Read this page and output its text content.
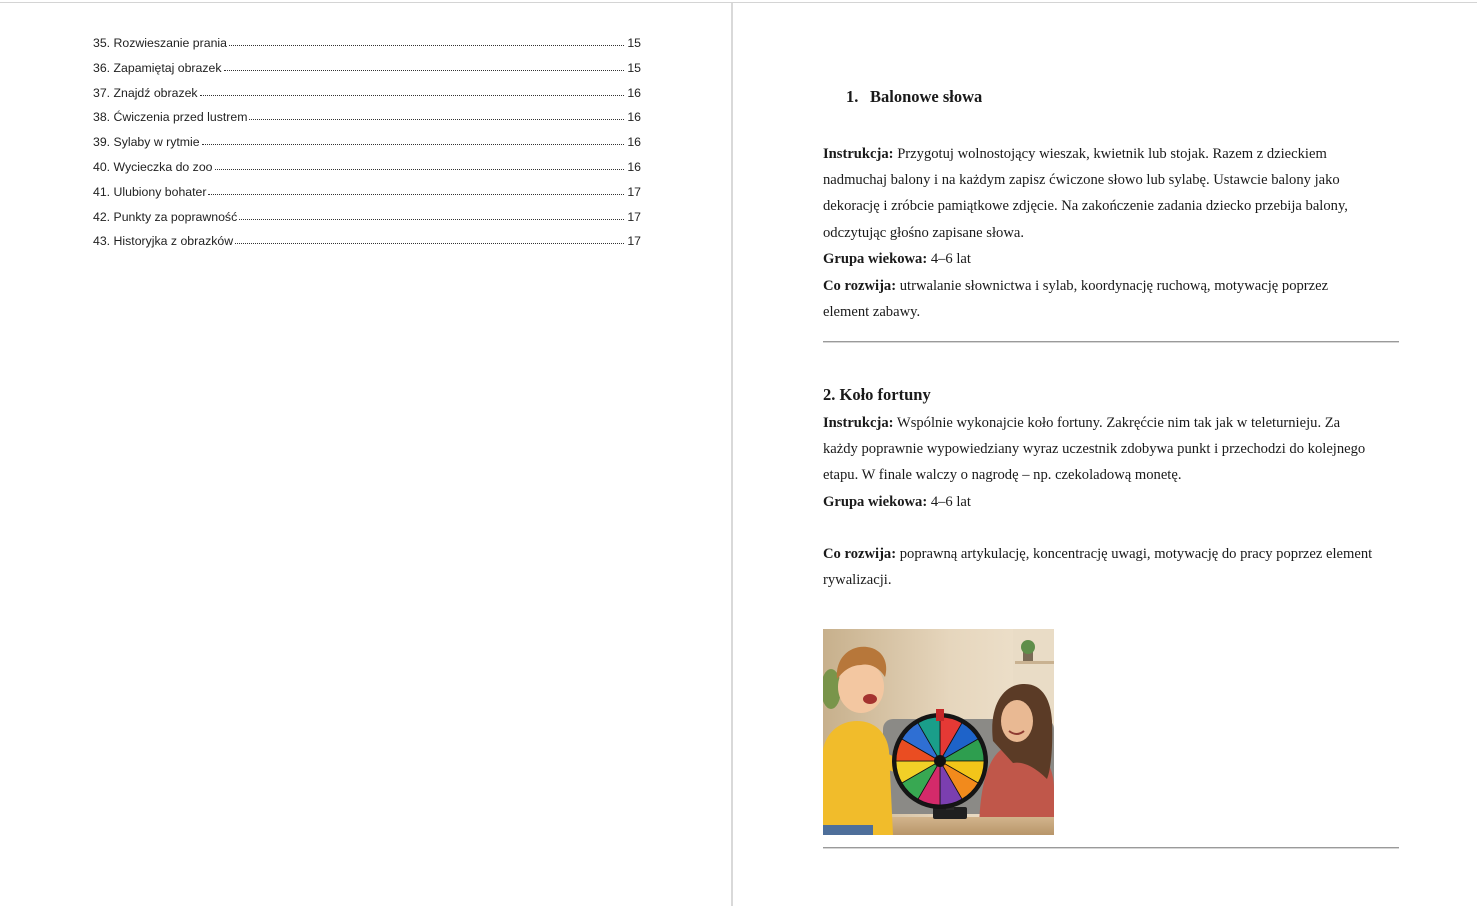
35. Rozwieszanie prania	15
36. Zapamiętaj obrazek	15
37. Znajdź obrazek	16
38. Ćwiczenia przed lustrem	16
39. Sylaby w rytmie	16
40. Wycieczka do zoo	16
41. Ulubiony bohater	17
42. Punkty za poprawność	17
43. Historyjka z obrazków	17
1. Balonowe słowa
Instrukcja: Przygotuj wolnostojący wieszak, kwietnik lub stojak. Razem z dzieckiem
nadmuchaj balony i na każdym zapisz ćwiczone słowo lub sylabę. Ustawcie balony jako
dekorację i zróbcie pamiątkowe zdjęcie. Na zakończenie zadania dziecko przebija balony,
odczytując głośno zapisane słowa.
Grupa wiekowa: 4–6 lat
Co rozwija: utrwalanie słownictwa i sylab, koordynację ruchową, motywację poprzez
element zabawy.
2. Koło fortuny
Instrukcja: Wspólnie wykonajcie koło fortuny. Zakręćcie nim tak jak w teleturnieju. Za
każdy poprawnie wypowiedziany wyraz uczestnik zdobywa punkt i przechodzi do kolejnego
etapu. W finale walczy o nagrodę – np. czekoladową monetę.
Grupa wiekowa: 4–6 lat
Co rozwija: poprawną artykulację, koncentrację uwagi, motywację do pracy poprzez element
rywalizacji.
